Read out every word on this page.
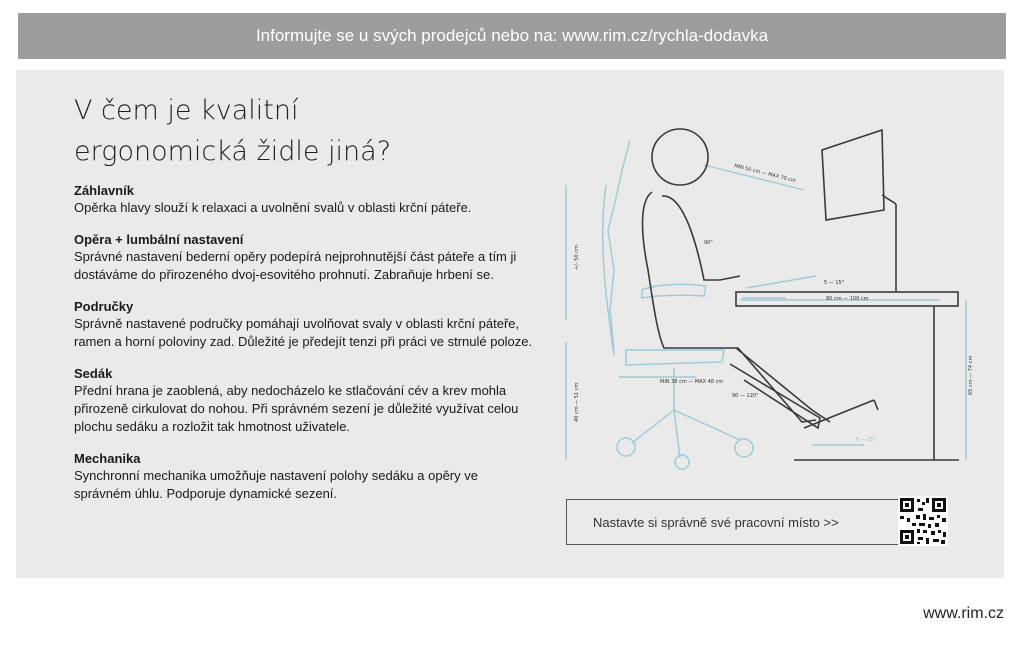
Informujte se u svých prodejců nebo na: www.rim.cz/rychla-dodavka
V čem je kvalitní
ergonomická židle jiná?

Záhlavník

Opěrka hlavy slouží k relaxaci a uvolnění svalů v oblasti krční páteře.

Opěra + lumbální nastavení

Správné nastavení bederní opěry podepírá nejprohnutější část páteře a tím ji dostáváme do přirozeného dvoj-esovitého prohnutí. Zabraňuje hrbení se.

Područky

Správně nastavené područky pomáhají uvolňovat svaly v oblasti krční páteře, ramen a horní poloviny zad. Důležité je předejít tenzi při práci ve strnulé poloze.

Sedák

Přední hrana je zaoblená, aby nedocházelo ke stlačování cév a krev mohla přirozeně cirkulovat do nohou. Při správném sezení je důležité využívat celou plochu sedáku a rozložit tak hmotnost uživatele.

Mechanika

Synchronní mechanika umožňuje nastavení polohy sedáku a opěry ve správném úhlu. Podporuje dynamické sezení.

MIN 50 cm — MAX 70 cm
90°
5 — 15°
80 cm — 100 cm
+/- 50 cm
40 cm — 51 cm
MIN 38 cm — MAX 48 cm
90 — 120°
65 cm — 74 cm
0 — 15°
Nastavte si správně své pracovní místo >>
www.rim.cz
